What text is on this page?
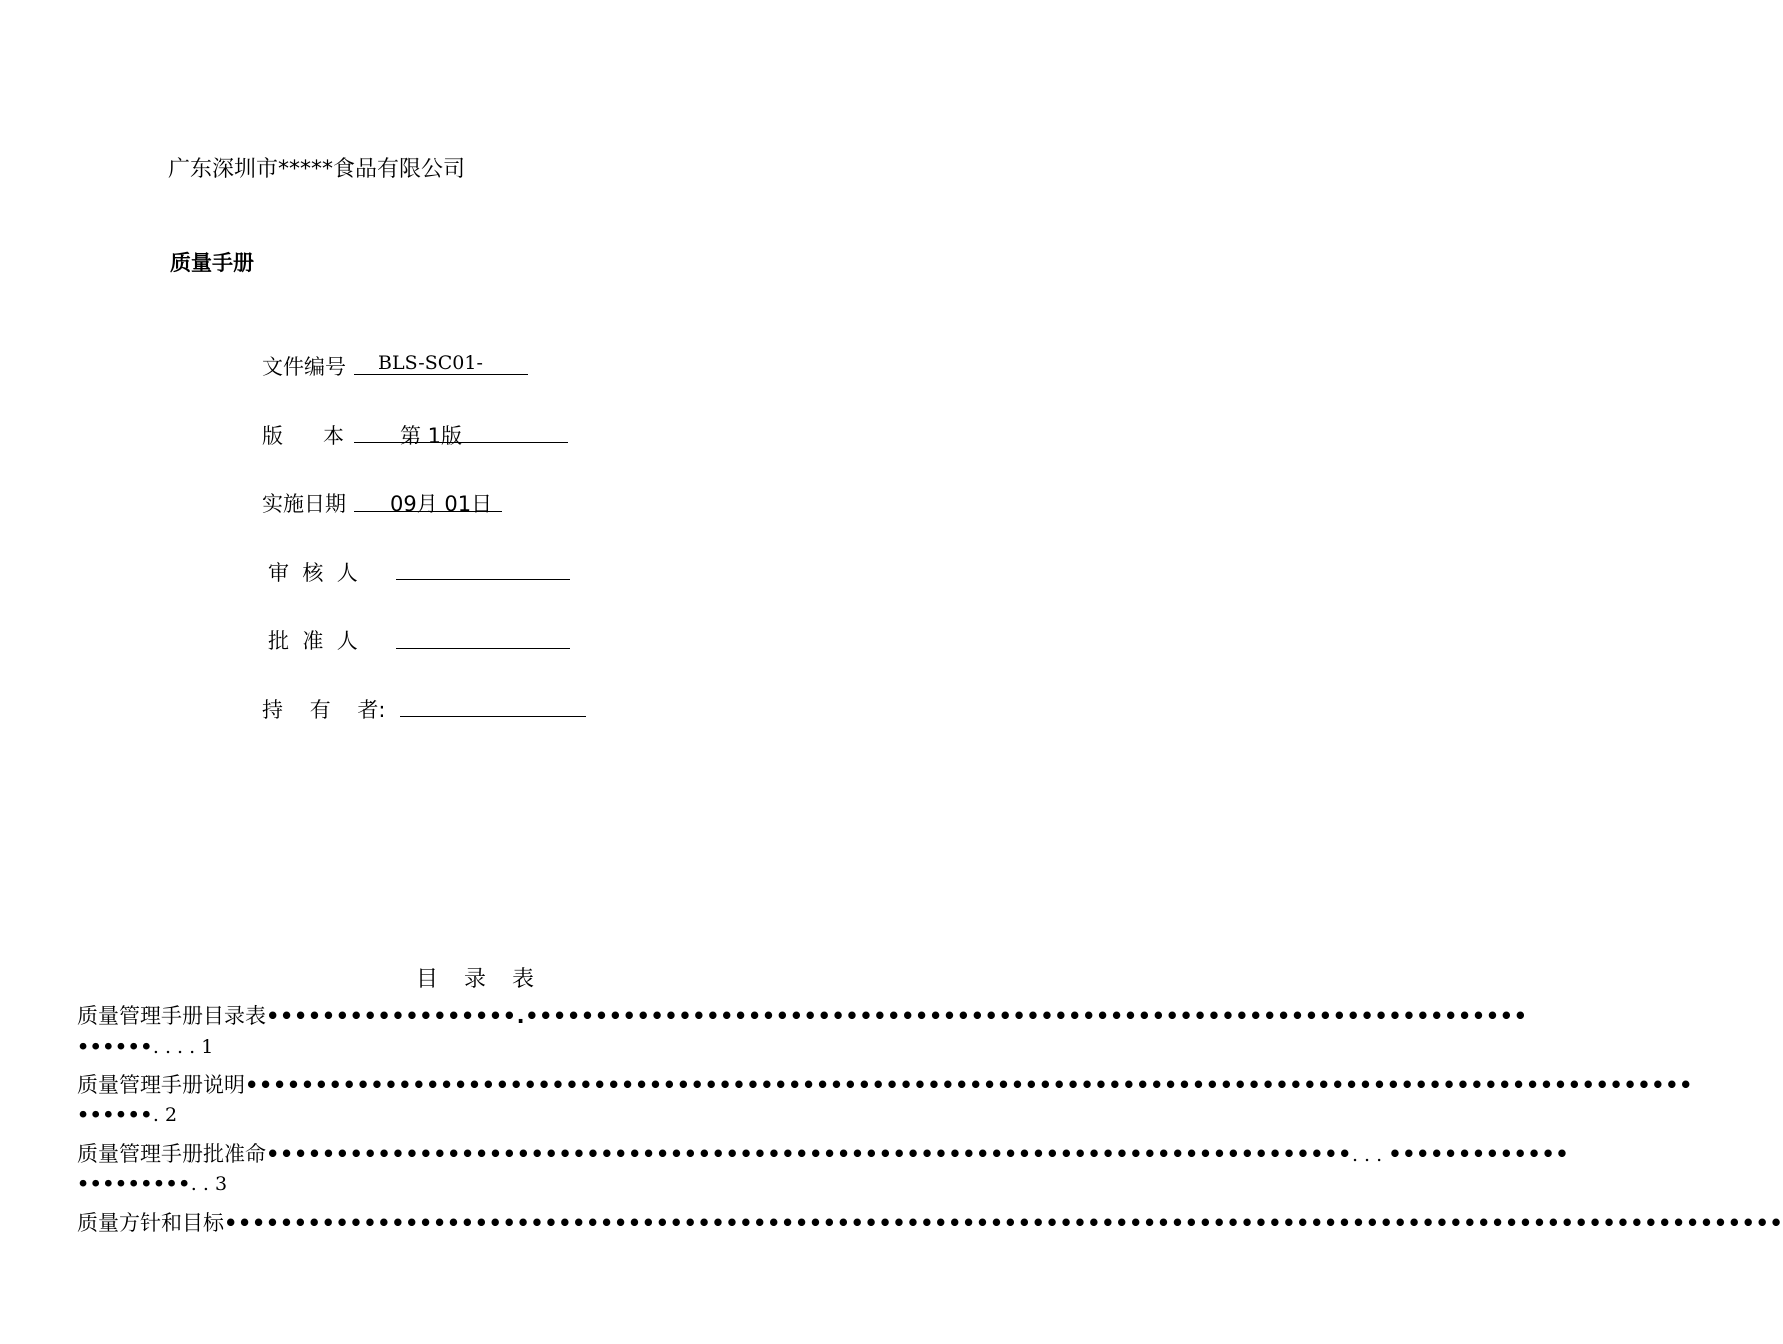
广东深圳市*****食品有限公司
质量手册
文件编号 BLS-SC01-
版      本	第 1版
实施日期 09月 01日
审  核  人
批  准  人
持    有    者:
目录表
质量管理手册目录表••••••••••••••••••.••••••••••••••••••••••••••••••••••••••••••••••••••••••••••••••••••••••••
••••••. . . . 1
质量管理手册说明••••••••••••••••••••••••••••••••••••••••••••••••••••••••••••••••••••••••••••••••••••••••••••••••••••••••
••••••. 2
质量管理手册批准命••••••••••••••••••••••••••••••••••••••••••••••••••••••••••••••••••••••••••••••. . . •••••••••••••
•••••••••. . 3
质量方针和目标••••••••••••••••••••••••••••••••••••••••••••••••••••••••••••••••••••••••••••••••••••••••••••••••••••••••••••••••
